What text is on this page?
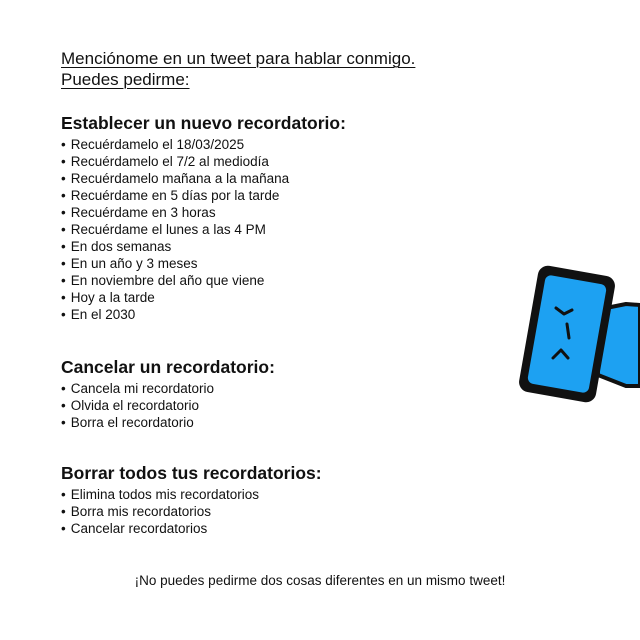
Menciónome en un tweet para hablar conmigo.
Puedes pedirme:
Establecer un nuevo recordatorio:
• Recuérdamelo el 18/03/2025
• Recuérdamelo el 7/2 al mediodía
• Recuérdamelo mañana a la mañana
• Recuérdame en 5 días por la tarde
• Recuérdame en 3 horas
• Recuérdame el lunes a las 4 PM
• En dos semanas
• En un año y 3 meses
• En noviembre del año que viene
• Hoy a la tarde
• En el 2030
Cancelar un recordatorio:
• Cancela mi recordatorio
• Olvida el recordatorio
• Borra el recordatorio
Borrar todos tus recordatorios:
• Elimina todos mis recordatorios
• Borra mis recordatorios
• Cancelar recordatorios
¡No puedes pedirme dos cosas diferentes en un mismo tweet!
